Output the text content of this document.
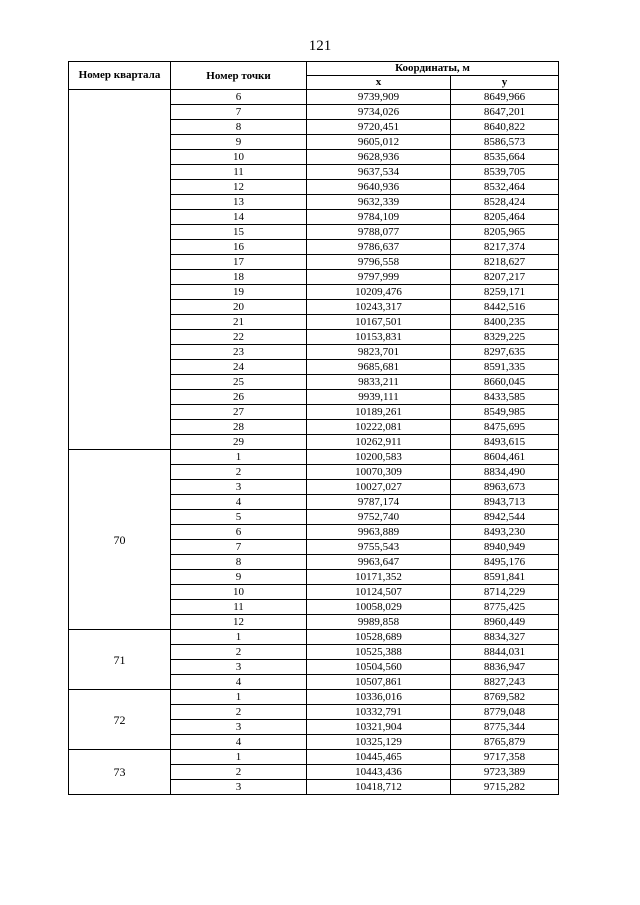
121
Номер квартала	Номер точки	Координаты, м	
		x	y
	6	9739,909	8649,966
	7	9734,026	8647,201
	8	9720,451	8640,822
	9	9605,012	8586,573
	10	9628,936	8535,664
	11	9637,534	8539,705
	12	9640,936	8532,464
	13	9632,339	8528,424
	14	9784,109	8205,464
	15	9788,077	8205,965
	16	9786,637	8217,374
	17	9796,558	8218,627
	18	9797,999	8207,217
	19	10209,476	8259,171
	20	10243,317	8442,516
	21	10167,501	8400,235
	22	10153,831	8329,225
	23	9823,701	8297,635
	24	9685,681	8591,335
	25	9833,211	8660,045
	26	9939,111	8433,585
	27	10189,261	8549,985
	28	10222,081	8475,695
	29	10262,911	8493,615
70	1	10200,583	8604,461
	2	10070,309	8834,490
	3	10027,027	8963,673
	4	9787,174	8943,713
	5	9752,740	8942,544
	6	9963,889	8493,230
	7	9755,543	8940,949
	8	9963,647	8495,176
	9	10171,352	8591,841
	10	10124,507	8714,229
	11	10058,029	8775,425
	12	9989,858	8960,449
71	1	10528,689	8834,327
	2	10525,388	8844,031
	3	10504,560	8836,947
	4	10507,861	8827,243
72	1	10336,016	8769,582
	2	10332,791	8779,048
	3	10321,904	8775,344
	4	10325,129	8765,879
73	1	10445,465	9717,358
	2	10443,436	9723,389
	3	10418,712	9715,282
